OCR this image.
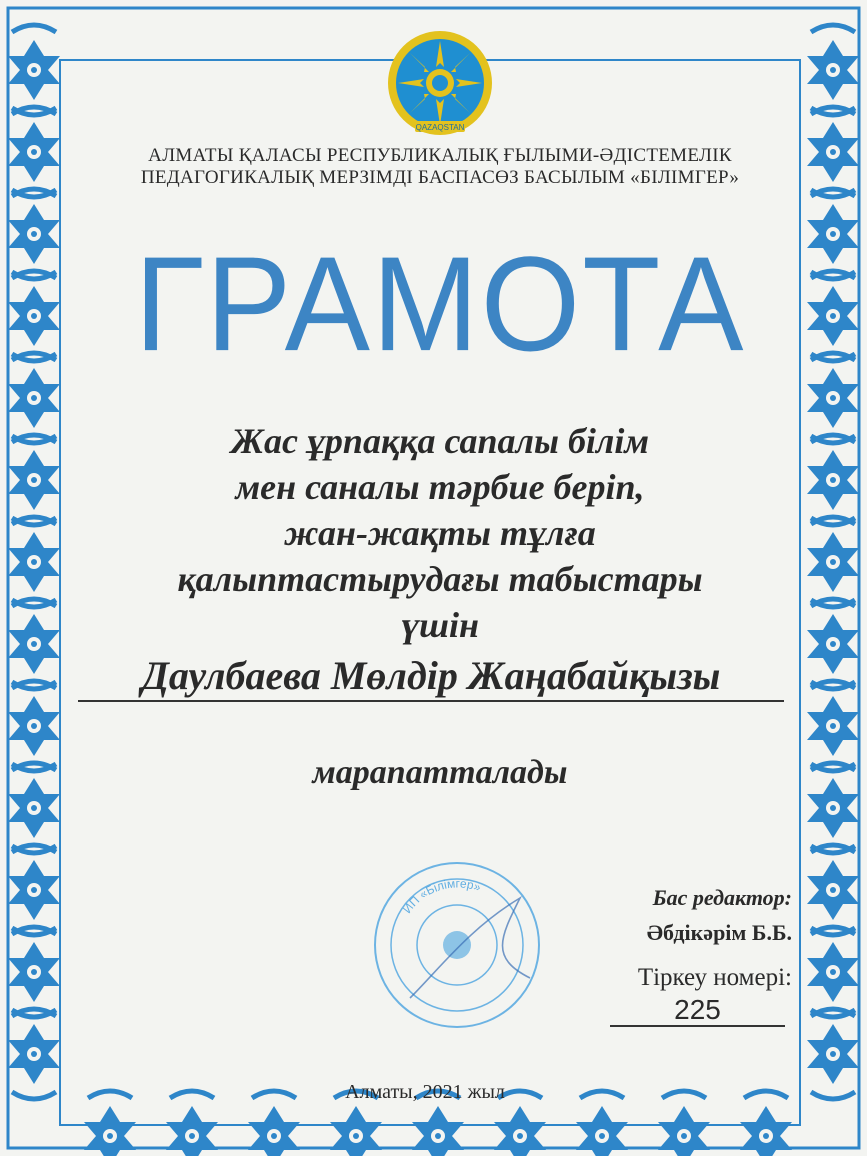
QAZAQSTAN
АЛМАТЫ ҚАЛАСЫ РЕСПУБЛИКАЛЫҚ ҒЫЛЫМИ-ӘДІСТЕМЕЛІК
ПЕДАГОГИКАЛЫҚ МЕРЗІМДІ БАСПАСӨЗ БАСЫЛЫМ «БІЛІМГЕР»
ГРАМОТА
Жас ұрпаққа сапалы білім
мен саналы тәрбие беріп,
жан-жақты тұлға
қалыптастырудағы табыстары
үшін
Даулбаева Мөлдір Жаңабайқызы
марапатталады
ИП «Білімгер»	Бас редактор:
Әбдікәрім Б.Б.
Тіркеу номері:
225
Алматы, 2021 жыл
